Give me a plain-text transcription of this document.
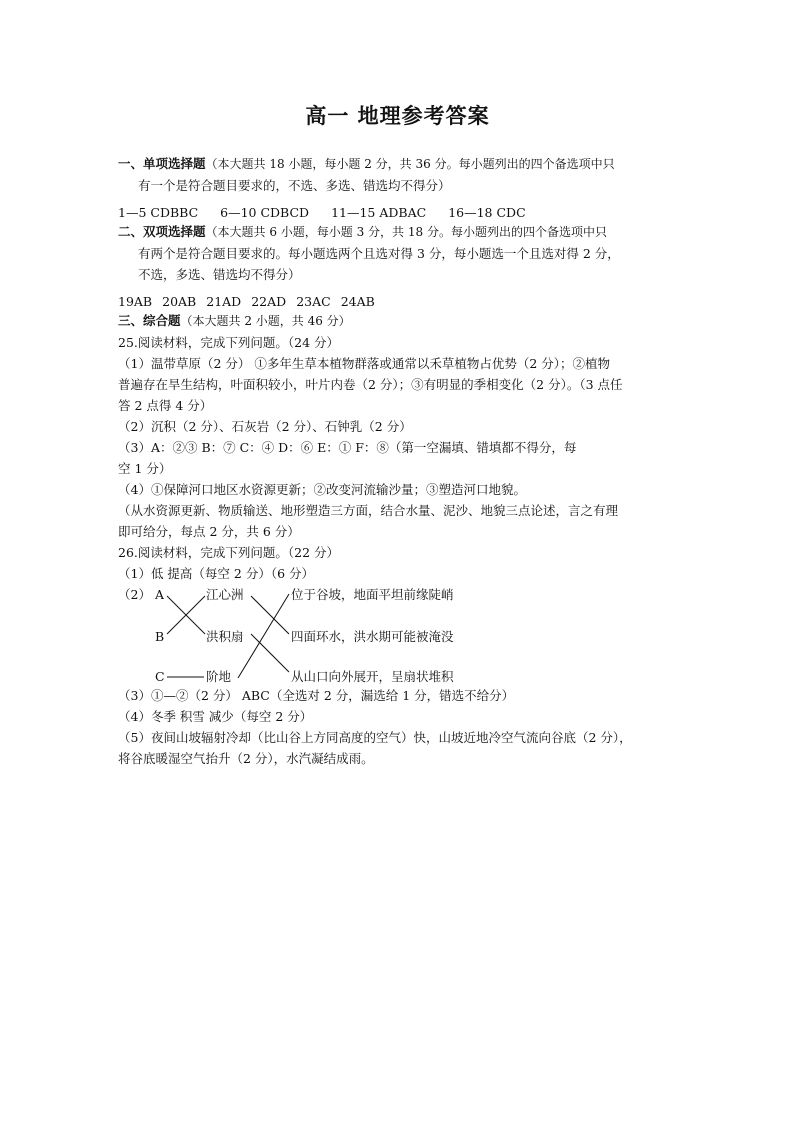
高一 地理参考答案
一、单项选择题（本大题共 18 小题，每小题 2 分，共 36 分。每小题列出的四个备选项中只
有一个是符合题目要求的，不选、多选、错选均不得分）
1—5 CDBBC 6—10 CDBCD 11—15 ADBAC 16—18 CDC
二、双项选择题（本大题共 6 小题，每小题 3 分，共 18 分。每小题列出的四个备选项中只
有两个是符合题目要求的。每小题选两个且选对得 3 分，每小题选一个且选对得 2 分，
不选，多选、错选均不得分）
19AB 20AB 21AD 22AD 23AC 24AB
三、综合题（本大题共 2 小题，共 46 分）
25.阅读材料，完成下列问题。（24 分）
（1）温带草原（2 分） ①多年生草本植物群落或通常以禾草植物占优势（2 分）；②植物
普遍存在旱生结构，叶面积较小，叶片内卷（2 分）；③有明显的季相变化（2 分）。（3 点任
答 2 点得 4 分）
（2）沉积（2 分）、石灰岩（2 分）、石钟乳（2 分）
（3）A：②③ B：⑦ C：④ D：⑥ E：① F：⑧（第一空漏填、错填都不得分，每
空 1 分）
（4）①保障河口地区水资源更新；②改变河流输沙量；③塑造河口地貌。
（从水资源更新、物质输送、地形塑造三方面，结合水量、泥沙、地貌三点论述，言之有理
即可给分，每点 2 分，共 6 分）
26.阅读材料，完成下列问题。（22 分）
（1）低 提高（每空 2 分）（6 分）
（2） A
B
C
江心洲
洪积扇
阶地
位于谷坡，地面平坦前缘陡峭
四面环水，洪水期可能被淹没
从山口向外展开，呈扇状堆积
（3）①—②（2 分） ABC（全选对 2 分，漏选给 1 分，错选不给分）
（4）冬季 积雪 减少（每空 2 分）
（5）夜间山坡辐射冷却（比山谷上方同高度的空气）快，山坡近地冷空气流向谷底（2 分），
将谷底暖湿空气抬升（2 分），水汽凝结成雨。
